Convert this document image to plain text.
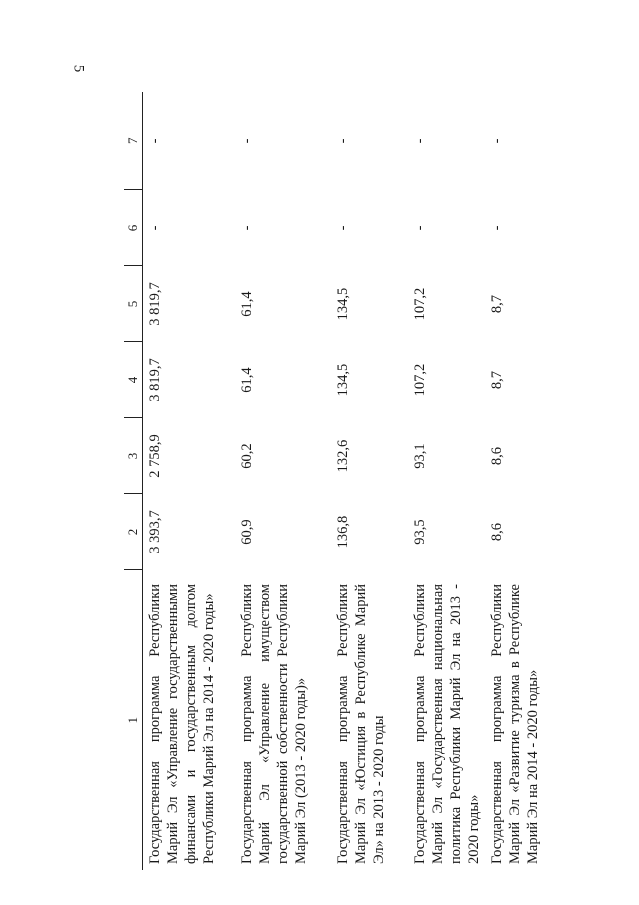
5
1	2	3	4	5	6	7
Государственная программа Республики Марий Эл «Управление государственными финансами и государственным долгом Республики Марий Эл на 2014 - 2020 годы»	3 393,7	2 758,9	3 819,7	3 819,7	-	-
Государственная программа Республики Марий Эл «Управление имуществом государственной собственности Республики Марий Эл (2013 - 2020 годы)»	60,9	60,2	61,4	61,4	-	-
Государственная программа Республики Марий Эл «Юстиция в Республике Марий Эл» на 2013 - 2020 годы	136,8	132,6	134,5	134,5	-	-
Государственная программа Республики Марий Эл «Государственная национальная политика Республики Марий Эл на 2013 - 2020 годы»	93,5	93,1	107,2	107,2	-	-
Государственная программа Республики Марий Эл «Развитие туризма в Республике Марий Эл на 2014 - 2020 годы»	8,6	8,6	8,7	8,7	-	-
